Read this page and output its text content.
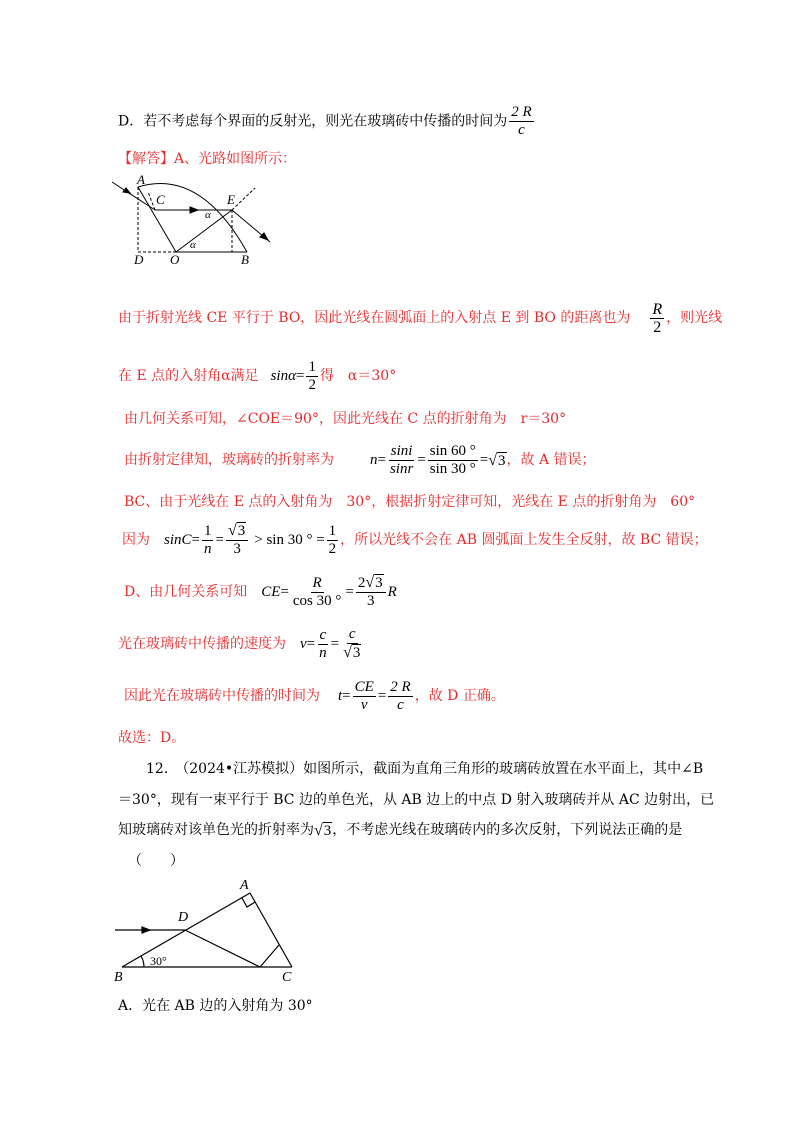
D．若不考虑每个界面的反射光，则光在玻璃砖中传播的时间为 $\frac{2 R}{c}$
【解答】A、光路如图所示：
A
C	E
α
α
D O	B
由于折射光线 CE 平行于 BO，因此光线在圆弧面上的入射点 E 到 BO 的距离也为 $\frac{R}{2}$ ，则光线
在 E 点的入射角α满足 $\sin\alpha = \frac{1}{2}$ 得　α＝30°
由几何关系可知，∠COE＝90°，因此光线在 C 点的折射角为　r＝30°
由折射定律知，玻璃砖的折射率为 $n = \frac{\sin i}{\sin r} = \frac{\sin 60 ^\circ}{\sin 30 ^\circ}$ = √ 3 ，故 A 错误；
BC、由于光线在 E 点的入射角为　30°，根据折射定律可知，光线在 E 点的折射角为　60°
因为 $\sin C = \frac{1}{n} = \frac{√ 3}{3} > \sin 30$ ° = $\frac{1}{2}$ ，所以光线不会在 AB 圆弧面上发生全反射，故 BC 错误；
D、由几何关系可知 CE = $\frac{R}{\cos 30 ^\circ} = \frac{2 √ 3}{3}$ R
光在玻璃砖中传播的速度为 $v = \frac{c}{n} = \frac{c}{√ 3}$
因此光在玻璃砖中传播的时间为 $t = \frac{CE}{v} = \frac{2 R}{c}$ ，故 D 正确。
故选：D。
12.　（2024•江苏模拟）如图所示，截面为直角三角形的玻璃砖放置在水平面上，其中∠B
＝30°，现有一束平行于 BC 边的单色光，从 AB 边上的中点 D 射入玻璃砖并从 AC 边射出，已
知玻璃砖对该单色光的折射率为 √ 3 ，不考虑光线在玻璃砖内的多次反射，下列说法正确的是
（　　）
A
D
B
30°
C
A．光在 AB 边的入射角为 30°
